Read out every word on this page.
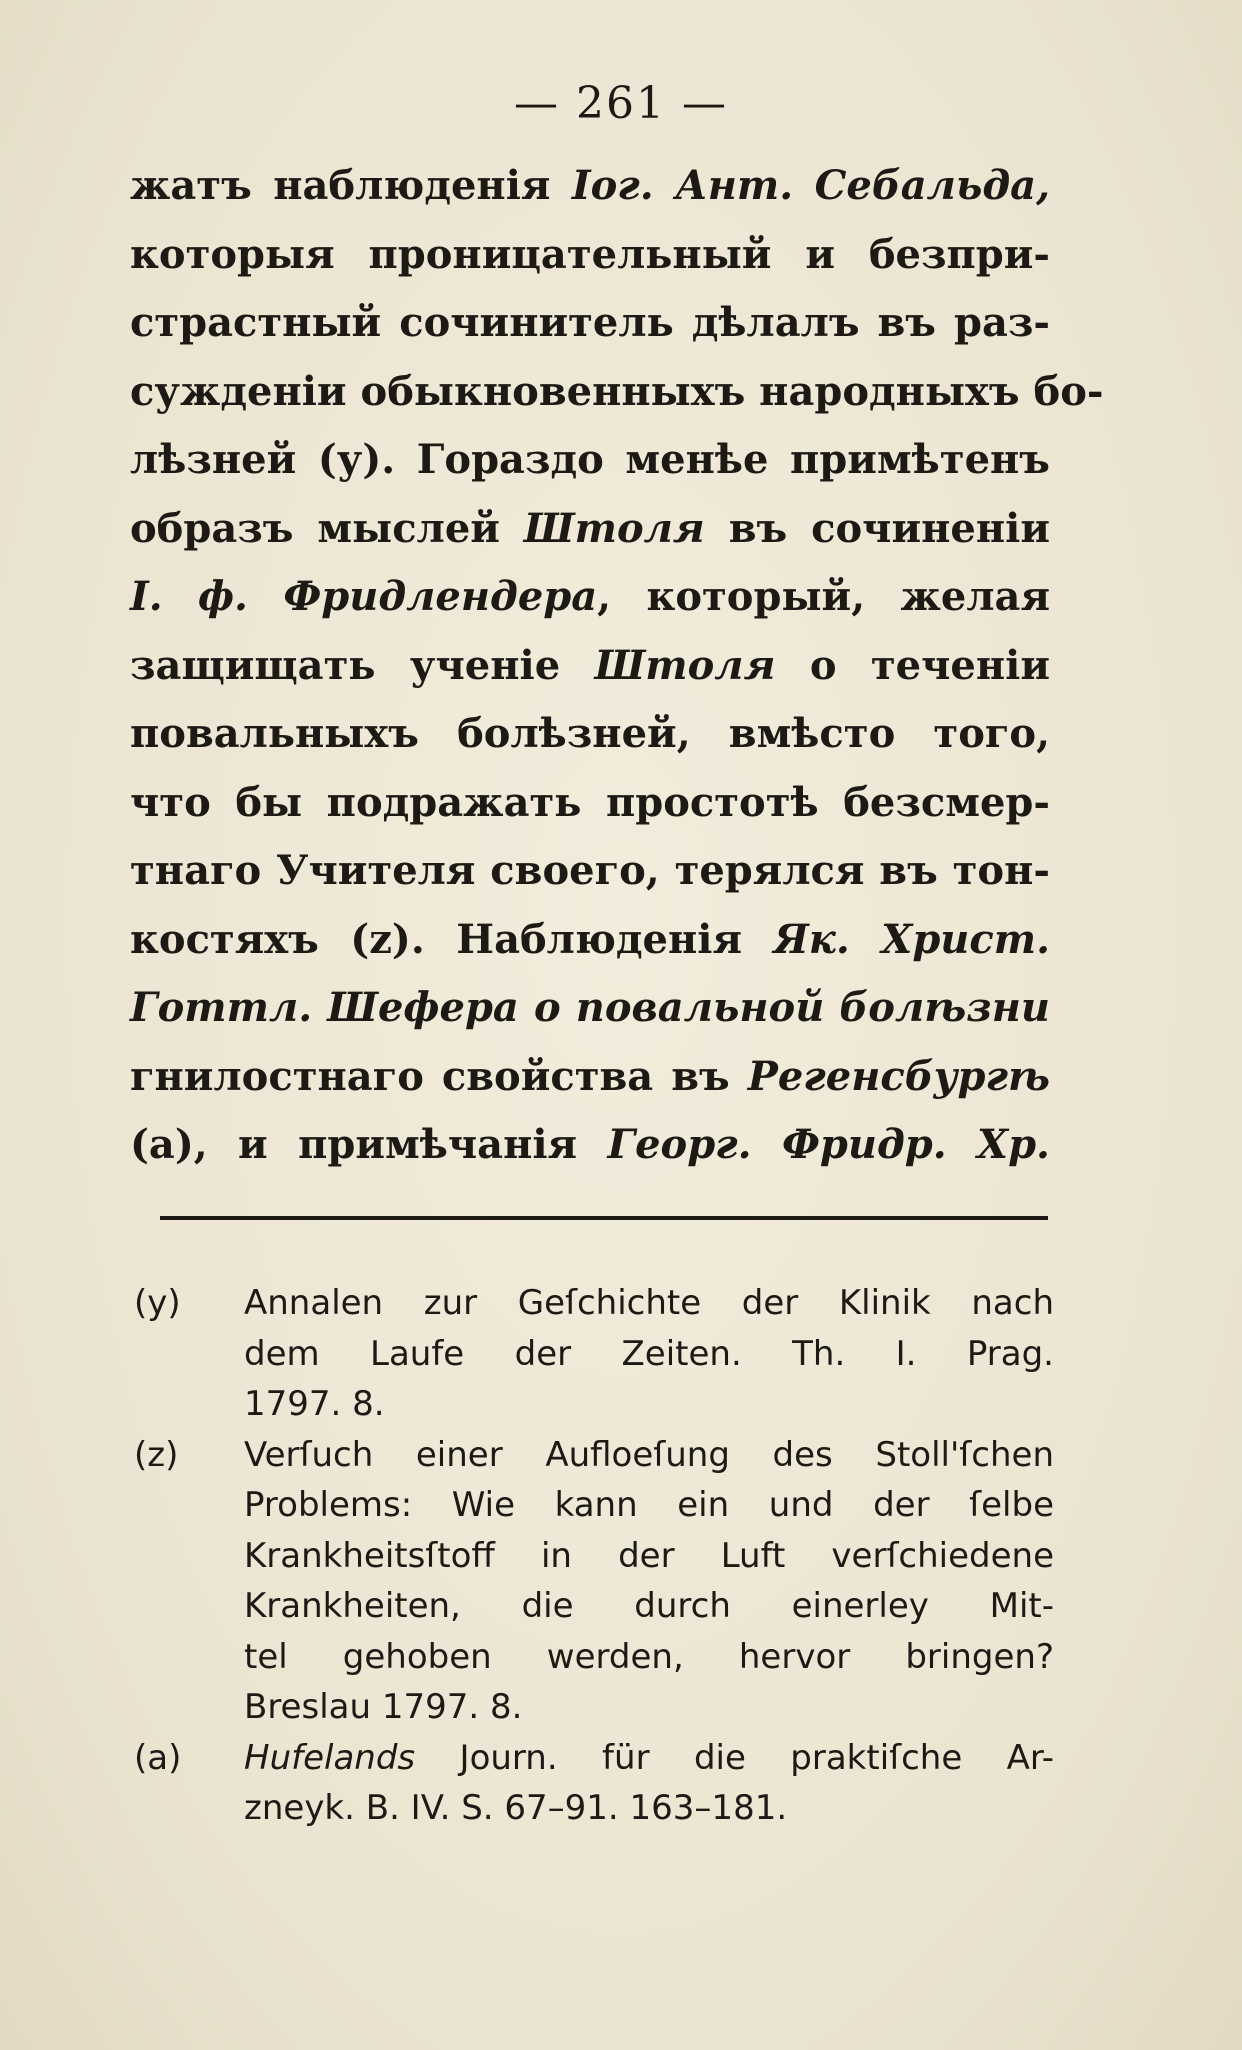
— 261 —
жатъ наблюденія Іог. Ант. Себальда,
которыя проницательный и безпри-
страстный сочинитель дѣлалъ въ раз-
сужденіи обыкновенныхъ народныхъ бо-
лѣзней (у). Гораздо менѣе примѣтенъ
образъ мыслей Штоля въ сочиненіи
І. ф. Фридлендера, который, желая
защищать ученіе Штоля о теченіи
повальныхъ болѣзней, вмѣсто того,
что бы подражать простотѣ безсмер-
тнаго Учителя своего, терялся въ тон-
костяхъ (z). Наблюденія Як. Христ.
Готтл. Шефера о повальной болѣзни
гнилостнаго свойства въ Регенсбургѣ
(a), и примѣчанія Георг. Фридр. Хр.
(y)	Annalen zur Geſchichte der Klinik nach
dem Laufe der Zeiten. Th. I. Prag.
1797. 8.
(z)	Verſuch einer Aufloeſung des Stoll'ſchen
Problems: Wie kann ein und der ſelbe
Krankheitsſtoff in der Luft verſchiedene
Krankheiten, die durch einerley Mit-
tel gehoben werden, hervor bringen?
Breslau 1797. 8.
(a)	Hufelands Journ. für die praktiſche Ar-
zneyk. B. IV. S. 67–91. 163–181.
